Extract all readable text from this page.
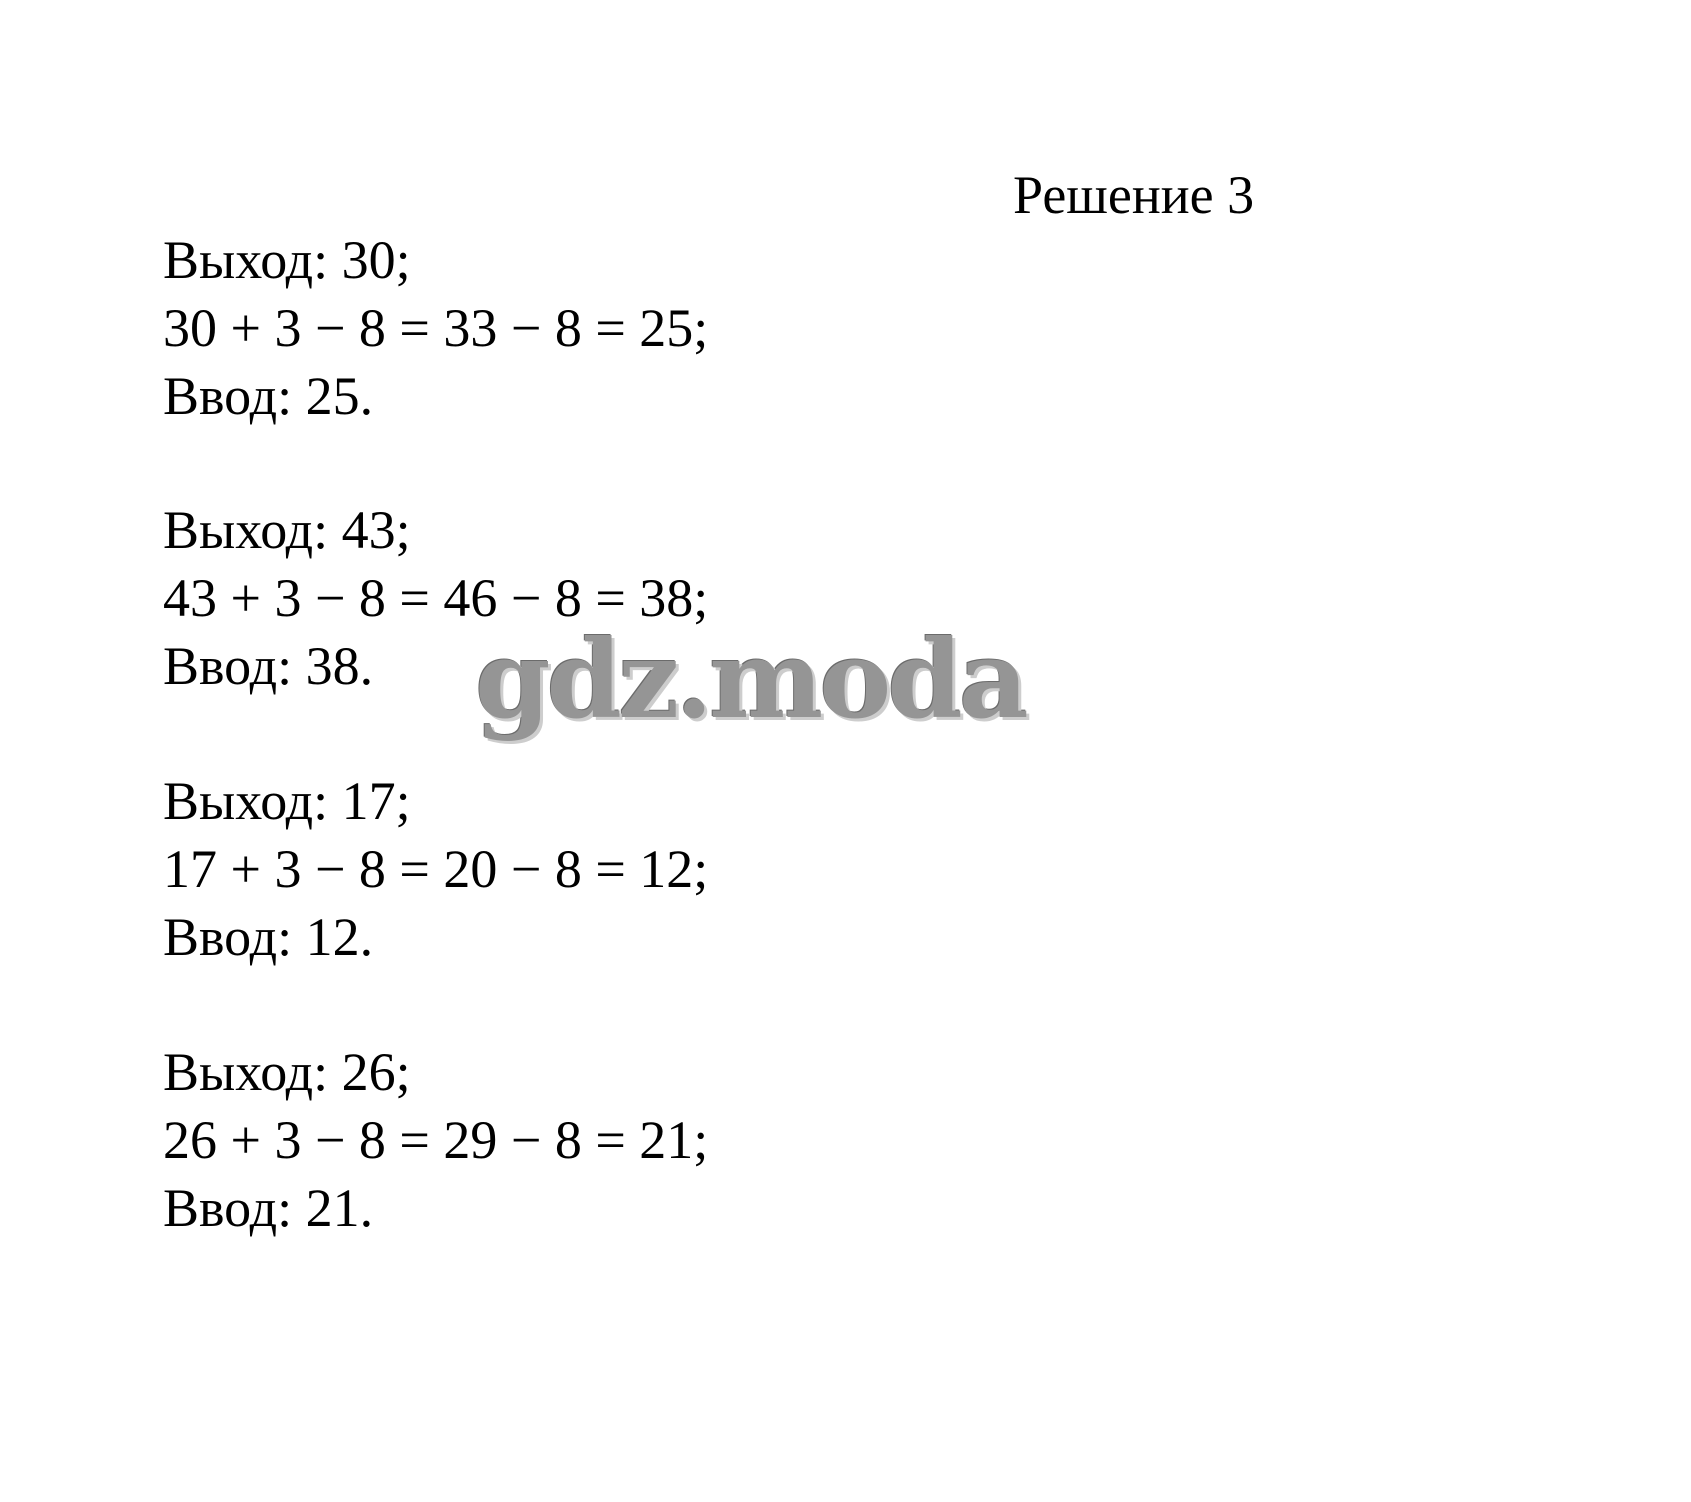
Решение 3
Выход: 30;
30 + 3 − 8 = 33 − 8 = 25;
Ввод: 25.
Выход: 43;
43 + 3 − 8 = 46 − 8 = 38;
Ввод: 38.
Выход: 17;
17 + 3 − 8 = 20 − 8 = 12;
Ввод: 12.
Выход: 26;
26 + 3 − 8 = 29 − 8 = 21;
Ввод: 21.
gdz.moda
